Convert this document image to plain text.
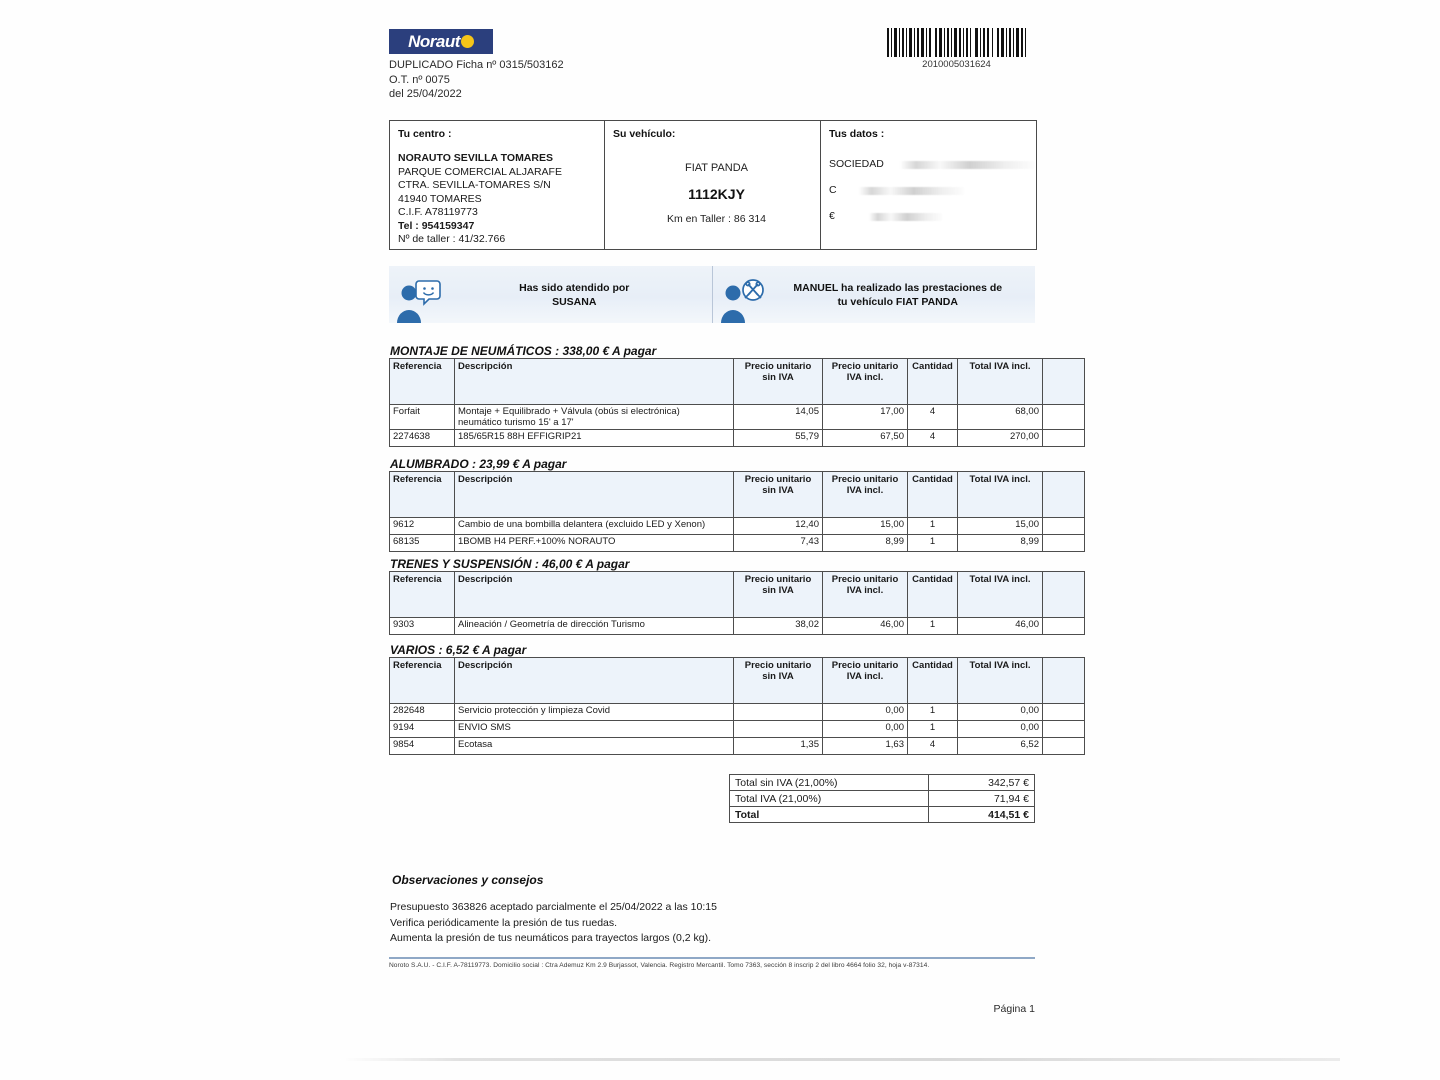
Noraut
DUPLICADO Ficha nº 0315/503162
O.T. nº 0075
del 25/04/2022
2010005031624
Tu centro :
NORAUTO SEVILLA TOMARES
PARQUE COMERCIAL ALJARAFE
CTRA. SEVILLA-TOMARES S/N
41940 TOMARES
C.I.F. A78119773
Tel : 954159347
Nº de taller : 41/32.766
Su vehículo:
FIAT PANDA
1112KJY
Km en Taller : 86 314
Tus datos :
SOCIEDAD
C
€
Has sido atendido por
SUSANA
MANUEL ha realizado las prestaciones de
tu vehículo FIAT PANDA
MONTAJE DE NEUMÁTICOS : 338,00 € A pagar
Referencia	Descripción	Precio unitario sin IVA	Precio unitario IVA incl.	Cantidad	Total IVA incl.	
Forfait	Montaje + Equilibrado + Válvula (obús si electrónica)
neumático turismo 15' a 17'	14,05	17,00	4	68,00	
2274638	185/65R15 88H EFFIGRIP21	55,79	67,50	4	270,00	
ALUMBRADO : 23,99 € A pagar
Referencia	Descripción	Precio unitario sin IVA	Precio unitario IVA incl.	Cantidad	Total IVA incl.	
9612	Cambio de una bombilla delantera (excluido LED y Xenon)	12,40	15,00	1	15,00	
68135	1BOMB H4 PERF.+100% NORAUTO	7,43	8,99	1	8,99	
TRENES Y SUSPENSIÓN : 46,00 € A pagar
Referencia	Descripción	Precio unitario sin IVA	Precio unitario IVA incl.	Cantidad	Total IVA incl.	
9303	Alineación / Geometría de dirección Turismo	38,02	46,00	1	46,00	
VARIOS : 6,52 € A pagar
Referencia	Descripción	Precio unitario sin IVA	Precio unitario IVA incl.	Cantidad	Total IVA incl.	
282648	Servicio protección y limpieza Covid		0,00	1	0,00	
9194	ENVIO SMS		0,00	1	0,00	
9854	Ecotasa	1,35	1,63	4	6,52	
Total sin IVA (21,00%)	342,57 €
Total IVA (21,00%)	71,94 €
Total	414,51 €
Observaciones y consejos
Presupuesto 363826 aceptado parcialmente el 25/04/2022 a las 10:15
Verifica periódicamente la presión de tus ruedas.
Aumenta la presión de tus neumáticos para trayectos largos (0,2 kg).
Noroto S.A.U. - C.I.F. A-78119773. Domicilio social : Ctra Ademuz Km 2.9 Burjassot, Valencia. Registro Mercantil. Tomo 7363, sección 8 inscrip 2 del libro 4664 folio 32, hoja v-87314.
Página 1
